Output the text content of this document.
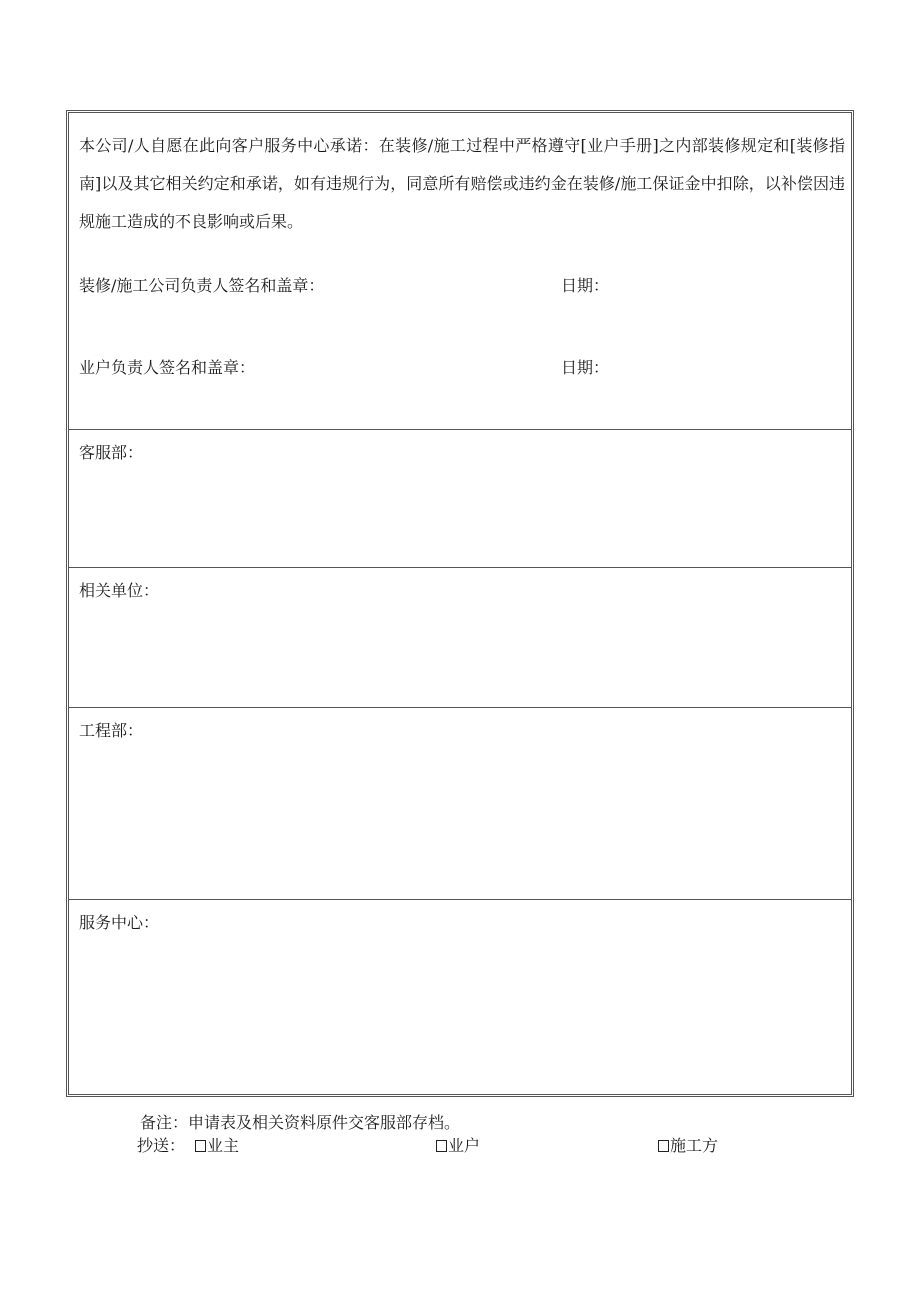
本公司/人自愿在此向客户服务中心承诺：在装修/施工过程中严格遵守[业户手册]之内部装修规定和[装修指南]以及其它相关约定和承诺，如有违规行为，同意所有赔偿或违约金在装修/施工保证金中扣除，以补偿因违规施工造成的不良影响或后果。
装修/施工公司负责人签名和盖章：	日期：
业户负责人签名和盖章：	日期：
客服部：
相关单位：
工程部：
服务中心：
备注：申请表及相关资料原件交客服部存档。
抄送：	业主	业户	施工方
